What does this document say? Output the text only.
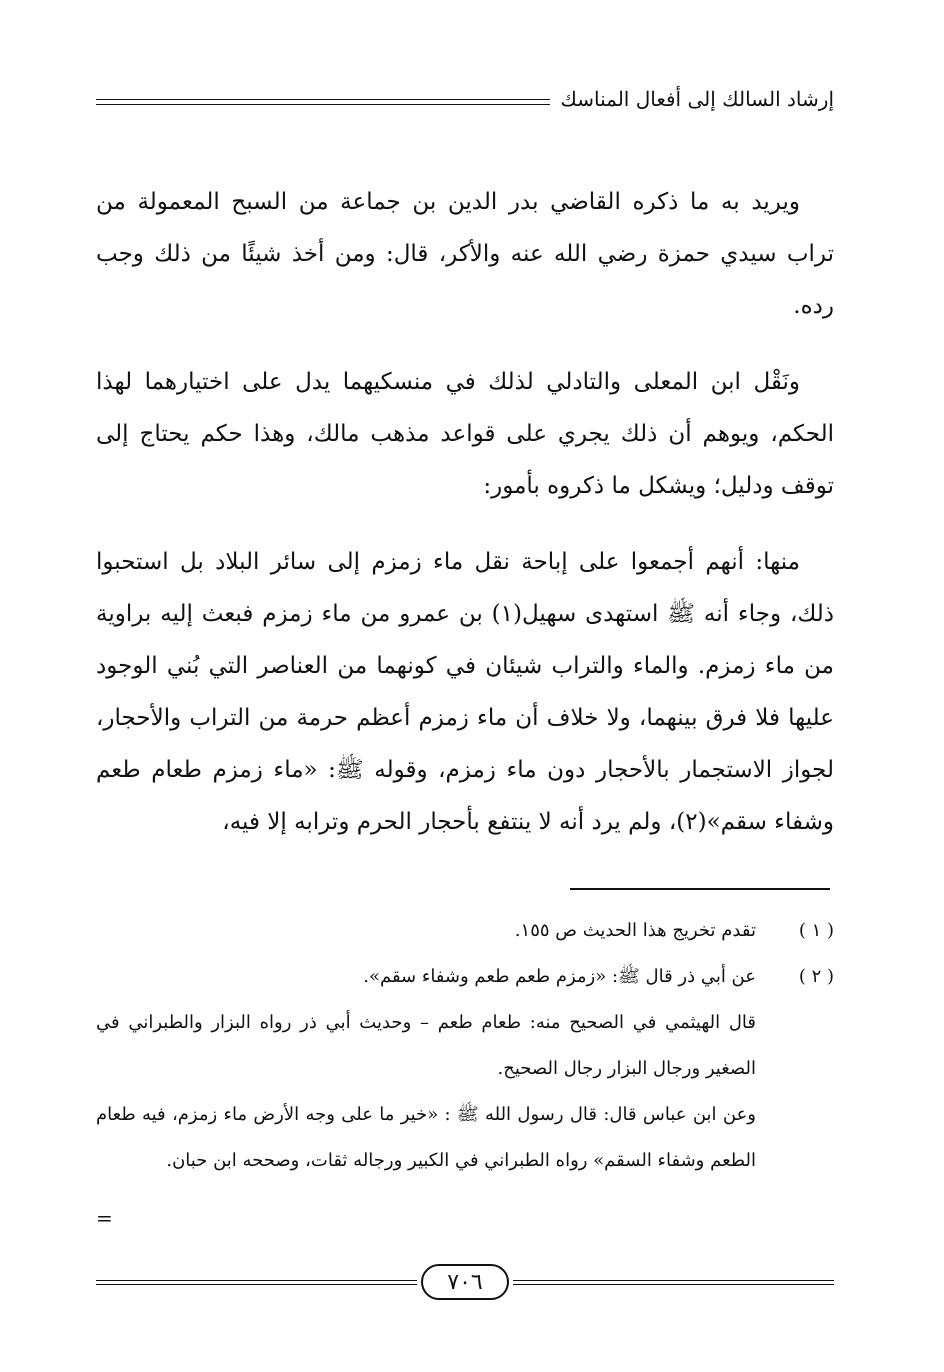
إرشاد السالك إلى أفعال المناسك

ويريد به ما ذكره القاضي بدر الدين بن جماعة من السبح المعمولة من تراب سيدي حمزة رضي الله عنه والأكر، قال: ومن أخذ شيئًا من ذلك وجب رده.

ونَقْل ابن المعلى والتادلي لذلك في منسكيهما يدل على اختيارهما لهذا الحكم، ويوهم أن ذلك يجري على قواعد مذهب مالك، وهذا حكم يحتاج إلى توقف ودليل؛ ويشكل ما ذكروه بأمور:

منها: أنهم أجمعوا على إباحة نقل ماء زمزم إلى سائر البلاد بل استحبوا ذلك، وجاء أنه ﷺ استهدى سهيل(١) بن عمرو من ماء زمزم فبعث إليه براوية من ماء زمزم. والماء والتراب شيئان في كونهما من العناصر التي بُني الوجود عليها فلا فرق بينهما، ولا خلاف أن ماء زمزم أعظم حرمة من التراب والأحجار، لجواز الاستجمار بالأحجار دون ماء زمزم، وقوله ﷺ: «ماء زمزم طعام طعم وشفاء سقم»(٢)، ولم يرد أنه لا ينتفع بأحجار الحرم وترابه إلا فيه،

( ١ )
تقدم تخريج هذا الحديث ص ١٥٥.
( ٢ )
عن أبي ذر قال ﷺ: «زمزم طعم طعم وشفاء سقم».
قال الهيثمي في الصحيح منه: طعام طعم – وحديث أبي ذر رواه البزار والطبراني في الصغير ورجال البزار رجال الصحيح.
وعن ابن عباس قال: قال رسول الله ﷺ : «خير ما على وجه الأرض ماء زمزم، فيه طعام الطعم وشفاء السقم» رواه الطبراني في الكبير ورجاله ثقات، وصححه ابن حبان.
=
٧٠٦
